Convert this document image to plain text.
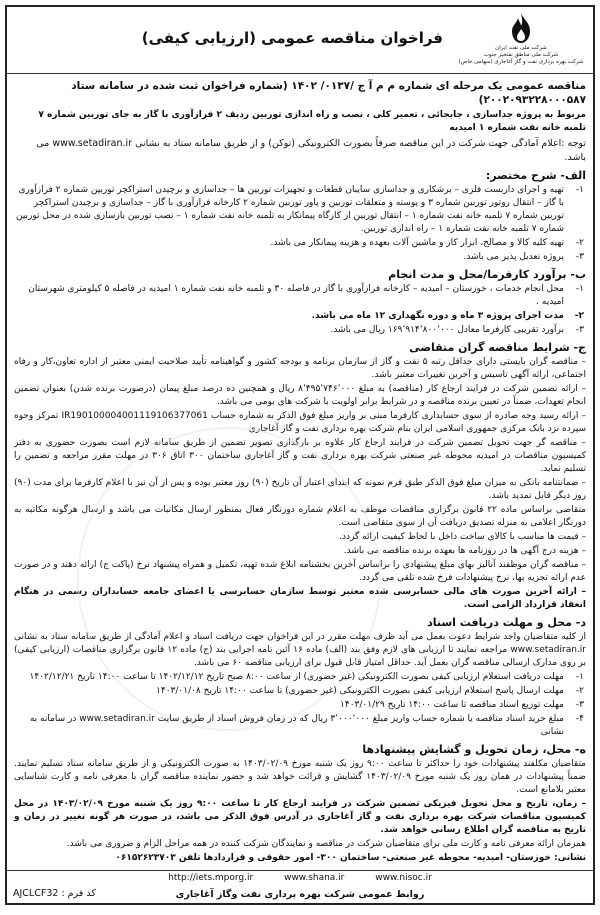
شرکت ملی نفت ایران
شرکت ملی مناطق نفتخیز جنوب
شرکت بهره برداری نفت و گاز آغاجاری (سهامی خاص)
فراخوان مناقصه عمومی (ارزیابی کیفی)
مناقصه عمومی یک مرحله ای شماره م م آ ج /۰۱۳۷/ ۱۴۰۲ (شماره فراخوان ثبت شده در سامانه ستاد ۲۰۰۲۰۹۳۲۲۸۰۰۰۵۸۷)
مربوط به پروژه جداسازی ، جابجائی ، تعمیر کلی ، نصب و راه اندازی توربین ردیف ۲ فرازآوری با گاز به جای توربین شماره ۷ تلمبه خانه نفت شماره ۱ امیدیه
توجه :اعلام آمادگی جهت شرکت در این مناقصه صرفاً بصورت الکترونیکی (توکن) و از طریق سامانه ستاد به نشانی www.setadiran.ir می باشد.
الف- شرح مختصر:
۱-
تهیه و اجرای داربست فلزی – برشکاری و جداسازی سایبان قطعات و تجهیزات توربین ها – جداسازی و برچیدن استراکچر توربین شماره ۲ فرازآوری با گاز – انتقال روتور توربین شماره ۳ و پوسته و متعلقات توربین و پاور توربین شماره ۲ کارخانه فرازآوری با گاز – جداسازی و برچیدن استراکچر توربین شماره ۷ تلمبه خانه نفت شماره ۱ – انتقال توربین از کارگاه پیمانکار به تلمبه خانه نفت شماره ۱ – نصب توربین بازسازی شده در محل توربین شماره ۷ تلمبه خانه نفت شماره ۱ – راه اندازی توربین.
۲-
تهیه کلیه کالا و مصالح، ابزار کار و ماشین آلات بعهده و هزینه پیمانکار می باشد.
۳-
پروژه تعدیل پذیر می باشد.
ب- برآورد کارفرما/محل و مدت انجام
۱-
محل انجام خدمات ، خوزستان – امیدیه – کارخانه فرازآوری با گاز در فاصله ۳۰ و تلمبه خانه نفت شماره ۱ امیدیه در فاصله ۵ کیلومتری شهرستان امیدیه .
۲-
مدت اجرای پروژه ۳ ماه و دوره نگهداری ۱۲ ماه می باشد.
۳-
برآورد تقریبی کارفرما معادل ۱۶۹٬۹۱۴٬۸۰۰٬۰۰۰ ریال می باشد.
ج- شرایط مناقصه گران متقاضی
– مناقصه گران بایستی دارای حداقل رتبه ۵ نفت و گاز از سازمان برنامه و بودجه کشور و گواهینامه تأیید صلاحیت ایمنی معتبر از اداره تعاون،کار و رفاه اجتماعی، ارائه آگهی تاسیس و آخرین تغییرات معتبر باشد.
– ارائه تضمین شرکت در فرایند ارجاع کار (مناقصه) به مبلغ ۸٬۴۹۵٬۷۴۶٬۰۰۰ ریال و همچنین ده درصد مبلغ پیمان (درصورت برنده شدن) بعنوان تضمین انجام تعهدات، ضمناً در تعیین برنده مناقصه و در شرایط برابر اولویت با شرکت های بومی می باشد.
– ارائه رسید وجه صادره از سوی حسابداری کارفرما مبنی بر واریز مبلغ فوق الذکر به شماره حساب IR190100004001119106377061 تمرکز وجوه سپرده نزد بانک مرکزی جمهوری اسلامی ایران بنام شرکت بهره برداری نفت و گاز آغاجاری
– مناقصه گر جهت تحویل تضمین شرکت در فرایند ارجاع کار علاوه بر بارگذاری تصویر تضمین از طریق سامانه لازم است بصورت حضوری به دفتر کمیسیون مناقصات در امیدیه محوطه غیر صنعتی شرکت بهره برداری نفت و گاز آغاجاری ساختمان ۳۰۰ اتاق ۳۰۶ در مهلت مقرر مراجعه و تضمین را تسلیم نماید.
– ضمانتنامه بانکی به میزان مبلغ فوق الذکر طبق فرم نمونه که ابتدای اعتبار آن تاریخ (۹۰) روز معتبر بوده و پس از آن نیز با اعلام کارفرما برای مدت (۹۰) روز دیگر قابل تمدید باشد.
متقاضی براساس ماده ۲۲ قانون برگزاری مناقصات موظف به اعلام شماره دورنگار فعال بمنظور ارسال مکاتبات می باشد و ارسال هرگونه مکاتبه به دورنگار اعلامی به منزله تصدیق دریافت آن از سوی متقاضی است.
– قیمت ها مناسب با کالای ساخت داخل با لحاظ کیفیت ارائه گردد.
– هزینه درج آگهی ها در روزنامه ها بعهده برنده مناقصه می باشد.
– مناقصه گران موظفند آنالیز بهای مبلغ پیشنهادی را براساس آخرین بخشنامه ابلاغ شده تهیه، تکمیل و همراه پیشنهاد نرخ (پاکت ج) ارائه دهند و در صورت عدم ارائه تجزیه بها، نرخ پیشنهادات فرخ شده تلقی می گردد.
– ارائه آخرین صورت های مالی حسابرسی شده معتبر توسط سازمان حسابرسی یا اعضای جامعه حسابداران رسمی در هنگام انعقاد قرارداد الزامی است.
د- محل و مهلت دریافت اسناد
از کلیه متقاضیان واجد شرایط دعوت بعمل می آید ظرف مهلت مقرر در این فراخوان جهت دریافت اسناد و اعلام آمادگی از طریق سامانه ستاد به نشانی www.setadiran.ir مراجعه نمایند تا ارزیابی های لازم وفق بند (الف) ماده ۱۶ آئین نامه اجرایی بند (ج) ماده ۱۲ قانون برگزاری مناقصات (ارزیابی کیفی) بر روی مدارک ارسالی مناقصه گران بعمل آید. حداقل امتیاز قابل قبول برای ارزیابی مناقصه ۶۰ می باشد.
۱-
مهلت دریافت استعلام ارزیابی کیفی بصورت الکترونیکی (غیر حضوری) از ساعت ۸:۰۰ صبح تاریخ ۱۴۰۲/۱۲/۱۲ تا ساعت ۱۴:۰۰ تاریخ ۱۴۰۲/۱۲/۲۱
۲-
مهلت ارسال پاسخ استعلام ارزیابی کیفی بصورت الکترونیکی (غیر حضوری) تا ساعت ۱۴:۰۰ تاریخ ۱۴۰۳/۰۱/۰۸
۳-
مهلت توزیع اسناد مناقصه تا ساعت ۱۴:۰۰ تاریخ ۱۴۰۳/۰۱/۲۹
۴-
مبلغ خرید اسناد مناقصه یا شماره حساب واریز مبلغ ۳٬۰۰۰٬۰۰۰ ریال که در زمان فروش اسناد از طریق سایت www.setadiran.ir در سامانه به نشانی
ه- محل، زمان تحویل و گشایش پیشنهادها
متقاضیان مکلفند پیشنهادات خود را حداکثر تا ساعت ۹:۰۰ روز یک شنبه مورخ ۱۴۰۳/۰۲/۰۹ به صورت الکترونیکی و از طریق سامانه ستاد تسلیم نمایند. ضمناً پیشنهادات در همان روز یک شنبه مورخ ۱۴۰۳/۰۲/۰۹ گشایش و قرائت خواهد شد و حضور نماینده مناقصه گران با معرفی نامه و کارت شناسایی معتبر بلامانع است.
– زمان، تاریخ و محل تحویل فیزیکی تضمین شرکت در فرایند ارجاع کار تا ساعت ۹:۰۰ روز یک شنبه مورخ ۱۴۰۳/۰۲/۰۹ در محل کمیسیون مناقصات شرکت بهره برداری نفت و گاز آغاجاری در آدرس فوق الذکر می باشد، در صورت هر گونه تغییر در زمان و تاریخ به مناقصه گران اطلاع رسانی خواهد شد.
همزمان ارائه معرفی نامه و کارت ملی برای متقاضیان شرکت در مناقصه و نمایندگان شرکت کننده در همه مراحل الزام و ضروری می باشد.
نشانی: خوزستان- امیدیه- محوطه غیر صنعتی- ساختمان ۳۰۰- امور حقوقی و قراردادها تلفن ۰۶۱۵۲۶۲۳۷۰۳
http://iets.mporg.ir	www.shana.ir	www.nisoc.ir
روابط عمومی شرکت بهره برداری نفت وگاز آغاجاری
کد فرم : AJCLCF32
